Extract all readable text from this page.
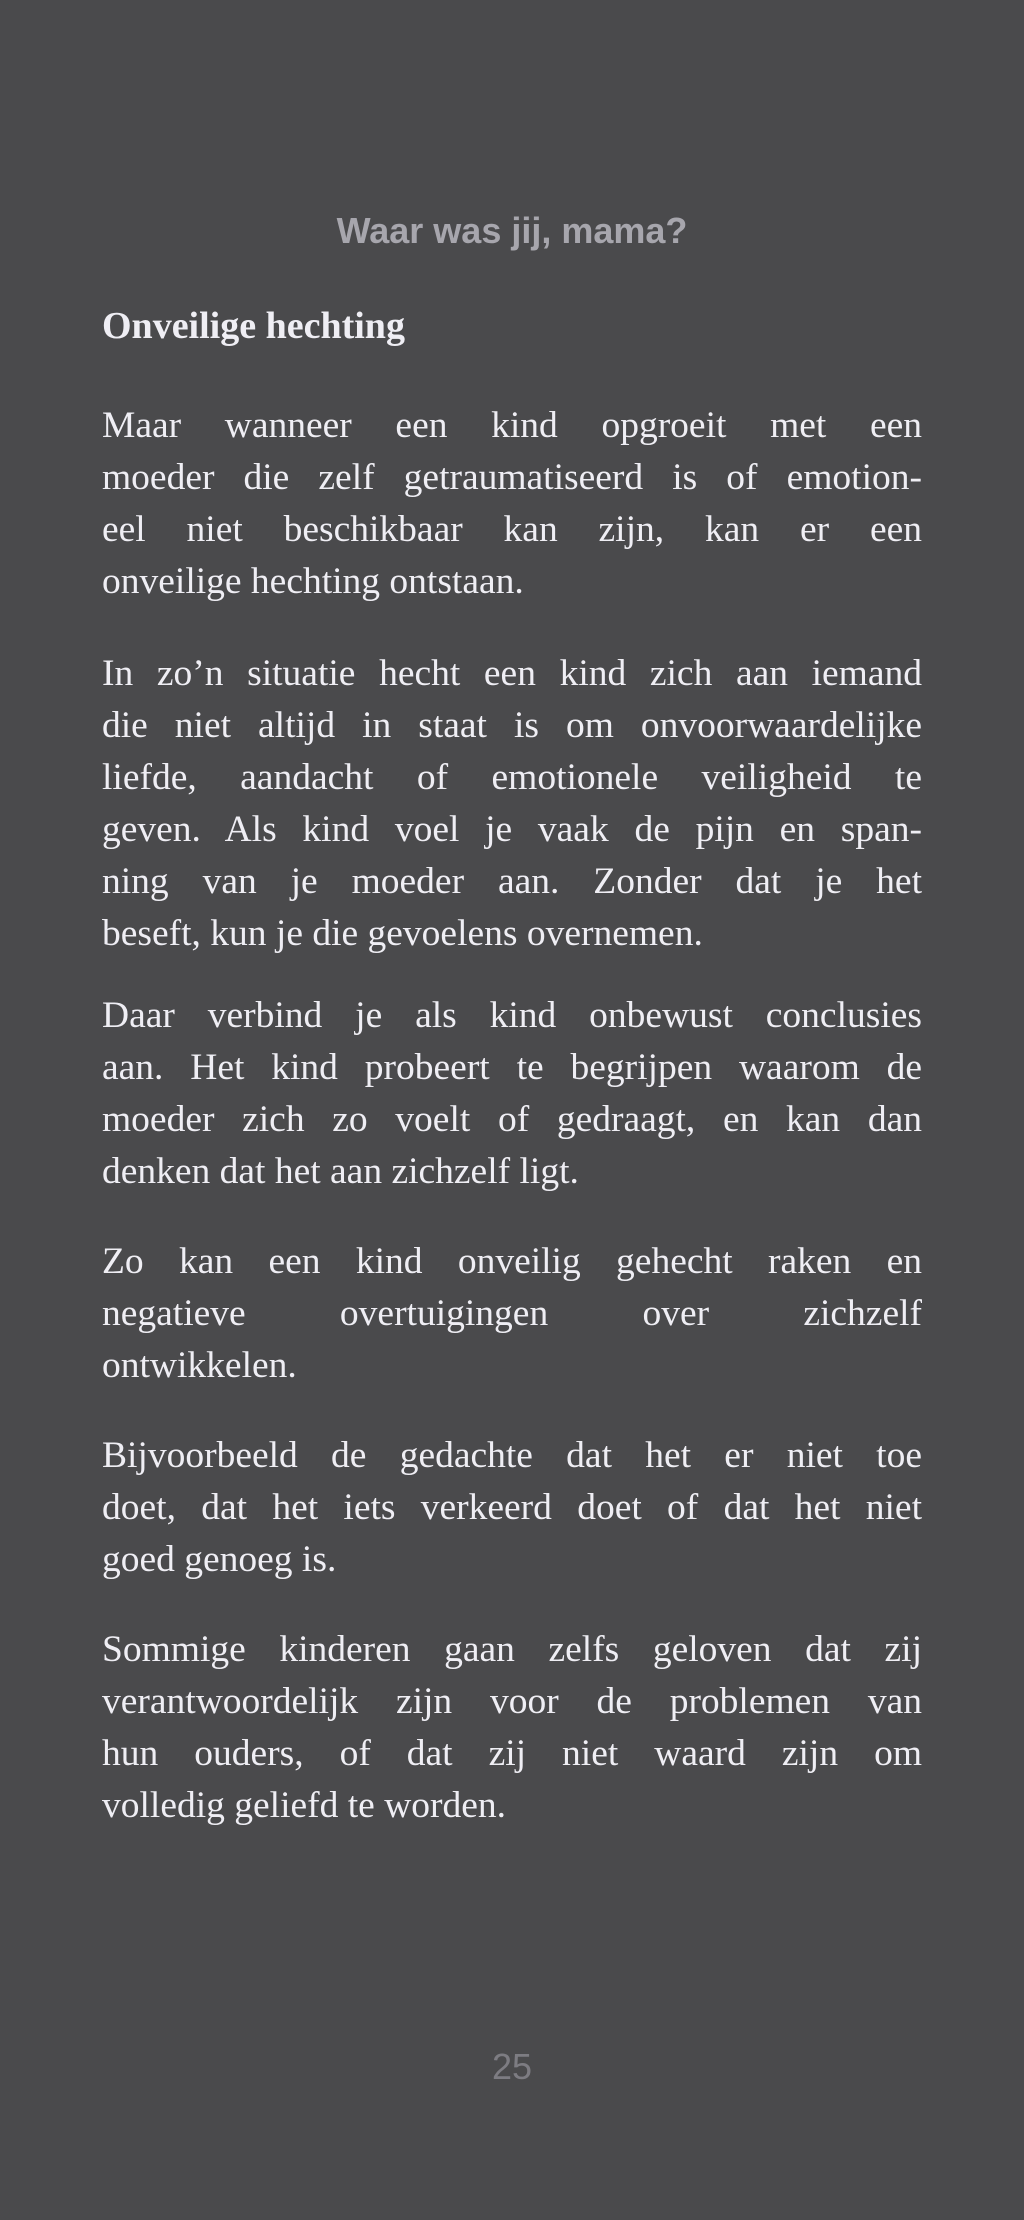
Waar was jij, mama?
Onveilige hechting
Maar wanneer een kind opgroeit met een
moeder die zelf getraumatiseerd is of emotion-
eel niet beschikbaar kan zijn, kan er een
onveilige hechting ontstaan.
In zo’n situatie hecht een kind zich aan iemand
die niet altijd in staat is om onvoorwaardelijke
liefde, aandacht of emotionele veiligheid te
geven. Als kind voel je vaak de pijn en span-
ning van je moeder aan. Zonder dat je het
beseft, kun je die gevoelens overnemen.
Daar verbind je als kind onbewust conclusies
aan. Het kind probeert te begrijpen waarom de
moeder zich zo voelt of gedraagt, en kan dan
denken dat het aan zichzelf ligt.
Zo kan een kind onveilig gehecht raken en
negatieve overtuigingen over zichzelf
ontwikkelen.
Bijvoorbeeld de gedachte dat het er niet toe
doet, dat het iets verkeerd doet of dat het niet
goed genoeg is.
Sommige kinderen gaan zelfs geloven dat zij
verantwoordelijk zijn voor de problemen van
hun ouders, of dat zij niet waard zijn om
volledig geliefd te worden.
25
